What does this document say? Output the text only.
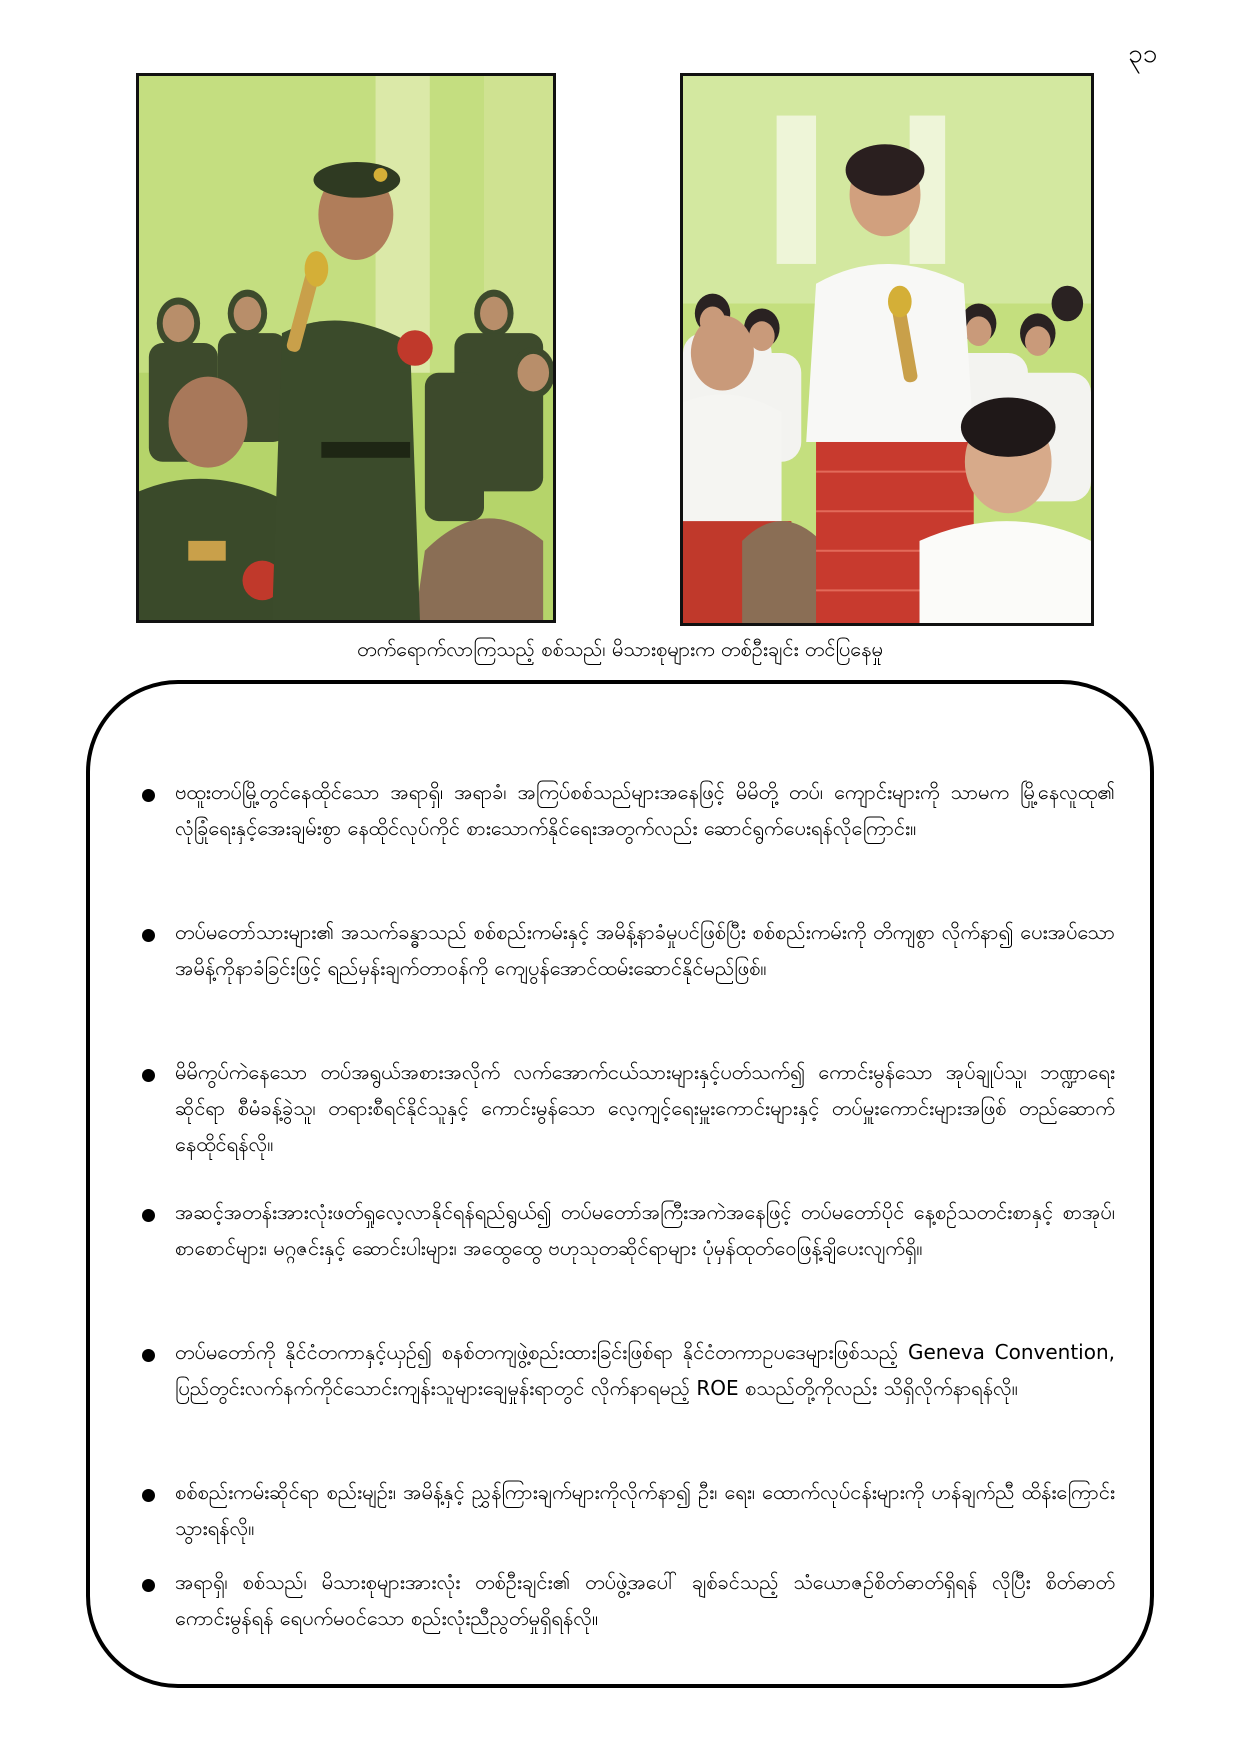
၃၁
တက်ရောက်လာကြသည့် စစ်သည်၊ မိသားစုများက တစ်ဦးချင်း တင်ပြနေမှု
ဗထူးတပ်မြို့တွင်နေထိုင်သော အရာရှိ၊ အရာခံ၊ အကြပ်စစ်သည်များအနေဖြင့် မိမိတို့ တပ်၊ ကျောင်းများကို သာမက မြို့နေလူထု၏ လုံခြုံရေးနှင့်အေးချမ်းစွာ နေထိုင်လုပ်ကိုင် စားသောက်နိုင်ရေးအတွက်လည်း ဆောင်ရွက်ပေးရန်လိုကြောင်း။
တပ်မတော်သားများ၏ အသက်ခန္ဓာသည် စစ်စည်းကမ်းနှင့် အမိန့်နာခံမှုပင်ဖြစ်ပြီး စစ်စည်းကမ်းကို တိကျစွာ လိုက်နာ၍ ပေးအပ်သော အမိန့်ကိုနာခံခြင်းဖြင့် ရည်မှန်းချက်တာဝန်ကို ကျေပွန်အောင်ထမ်းဆောင်နိုင်မည်ဖြစ်။
မိမိကွပ်ကဲနေသော တပ်အရွယ်အစားအလိုက် လက်အောက်ငယ်သားများနှင့်ပတ်သက်၍ ကောင်းမွန်သော အုပ်ချုပ်သူ၊ ဘဏ္ဍာရေးဆိုင်ရာ စီမံခန့်ခွဲသူ၊ တရားစီရင်နိုင်သူနှင့် ကောင်းမွန်သော လေ့ကျင့်ရေးမှူးကောင်းများနှင့် တပ်မှူးကောင်းများအဖြစ် တည်ဆောက်နေထိုင်ရန်လို။
အဆင့်အတန်းအားလုံးဖတ်ရှုလေ့လာနိုင်ရန်ရည်ရွယ်၍ တပ်မတော်အကြီးအကဲအနေဖြင့် တပ်မတော်ပိုင် နေ့စဉ်သတင်းစာနှင့် စာအုပ်၊ စာစောင်များ၊ မဂ္ဂဇင်းနှင့် ဆောင်းပါးများ၊ အထွေထွေ ဗဟုသုတဆိုင်ရာများ ပုံမှန်ထုတ်ဝေဖြန့်ချိပေးလျက်ရှိ။
တပ်မတော်ကို နိုင်ငံတကာနှင့်ယှဉ်၍ စနစ်တကျဖွဲ့စည်းထားခြင်းဖြစ်ရာ နိုင်ငံတကာဥပဒေများဖြစ်သည့် Geneva Convention, ပြည်တွင်းလက်နက်ကိုင်သောင်းကျန်းသူများချေမှုန်းရာတွင် လိုက်နာရမည့် ROE စသည်တို့ကိုလည်း သိရှိလိုက်နာရန်လို။
စစ်စည်းကမ်းဆိုင်ရာ စည်းမျဉ်း၊ အမိန့်နှင့် ညွှန်ကြားချက်များကိုလိုက်နာ၍ ဦး၊ ရေး၊ ထောက်လုပ်ငန်းများကို ဟန်ချက်ညီ ထိန်းကြောင်းသွားရန်လို။
အရာရှိ၊ စစ်သည်၊ မိသားစုများအားလုံး တစ်ဦးချင်း၏ တပ်ဖွဲ့အပေါ် ချစ်ခင်သည့် သံယောဇဉ်စိတ်ဓာတ်ရှိရန် လိုပြီး စိတ်ဓာတ်ကောင်းမွန်ရန် ရေပက်မဝင်သော စည်းလုံးညီညွတ်မှုရှိရန်လို။
